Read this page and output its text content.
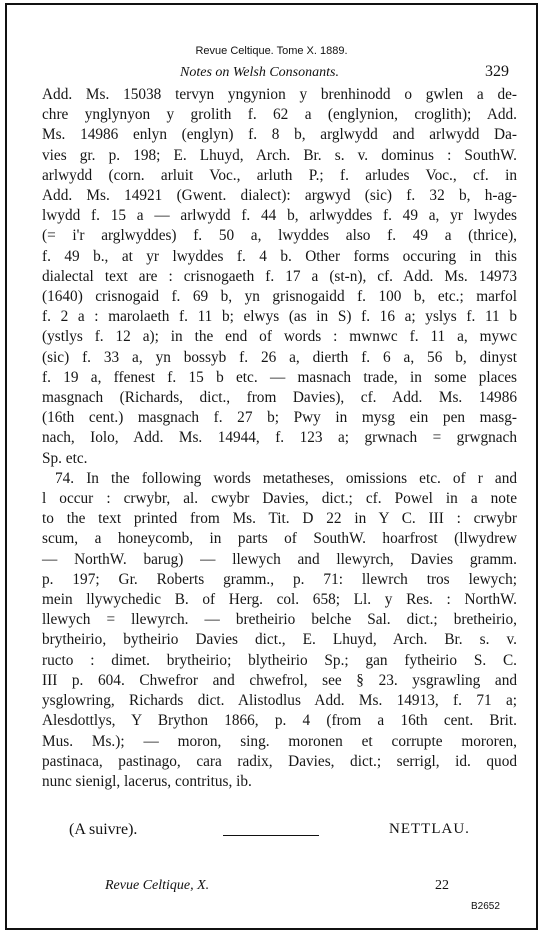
Revue Celtique. Tome X. 1889.
Notes on Welsh Consonants.	329
Add. Ms. 15038 tervyn yngynion y brenhinodd o gwlen a de-
chre ynglynyon y grolith f. 62 a (englynion, croglith); Add.
Ms. 14986 enlyn (englyn) f. 8 b, arglwydd and arlwydd Da-
vies gr. p. 198; E. Lhuyd, Arch. Br. s. v. dominus : SouthW.
arlwydd (corn. arluit Voc., arluth P.; f. arludes Voc., cf. in
Add. Ms. 14921 (Gwent. dialect): argwyd (sic) f. 32 b, h-ag-
lwydd f. 15 a — arlwydd f. 44 b, arlwyddes f. 49 a, yr lwydes
(= i'r arglwyddes) f. 50 a, lwyddes also f. 49 a (thrice),
f. 49 b., at yr lwyddes f. 4 b. Other forms occuring in this
dialectal text are : crisnogaeth f. 17 a (st-n), cf. Add. Ms. 14973
(1640) crisnogaid f. 69 b, yn grisnogaidd f. 100 b, etc.; marfol
f. 2 a : marolaeth f. 11 b; elwys (as in S) f. 16 a; yslys f. 11 b
(ystlys f. 12 a); in the end of words : mwnwc f. 11 a, mywc
(sic) f. 33 a, yn bossyb f. 26 a, dierth f. 6 a, 56 b, dinyst
f. 19 a, ffenest f. 15 b etc. — masnach trade, in some places
masgnach (Richards, dict., from Davies), cf. Add. Ms. 14986
(16th cent.) masgnach f. 27 b; Pwy in mysg ein pen masg-
nach, Iolo, Add. Ms. 14944, f. 123 a; grwnach = grwgnach
Sp. etc.
74. In the following words metatheses, omissions etc. of r and
l occur : crwybr, al. cwybr Davies, dict.; cf. Powel in a note
to the text printed from Ms. Tit. D 22 in Y C. III : crwybr
scum, a honeycomb, in parts of SouthW. hoarfrost (llwydrew
— NorthW. barug) — llewych and llewyrch, Davies gramm.
p. 197; Gr. Roberts gramm., p. 71: llewrch tros lewych;
mein llywychedic B. of Herg. col. 658; Ll. y Res. : NorthW.
llewych = llewyrch. — bretheirio belche Sal. dict.; bretheirio,
brytheirio, bytheirio Davies dict., E. Lhuyd, Arch. Br. s. v.
ructo : dimet. brytheirio; blytheirio Sp.; gan fytheirio S. C.
III p. 604. Chwefror and chwefrol, see § 23. ysgrawling and
ysglowring, Richards dict. Alistodlus Add. Ms. 14913, f. 71 a;
Alesdottlys, Y Brython 1866, p. 4 (from a 16th cent. Brit.
Mus. Ms.); — moron, sing. moronen et corrupte mororen,
pastinaca, pastinago, cara radix, Davies, dict.; serrigl, id. quod
nunc sienigl, lacerus, contritus, ib.
(A suivre).	NETTLAU.
Revue Celtique, X.	22
B2652
